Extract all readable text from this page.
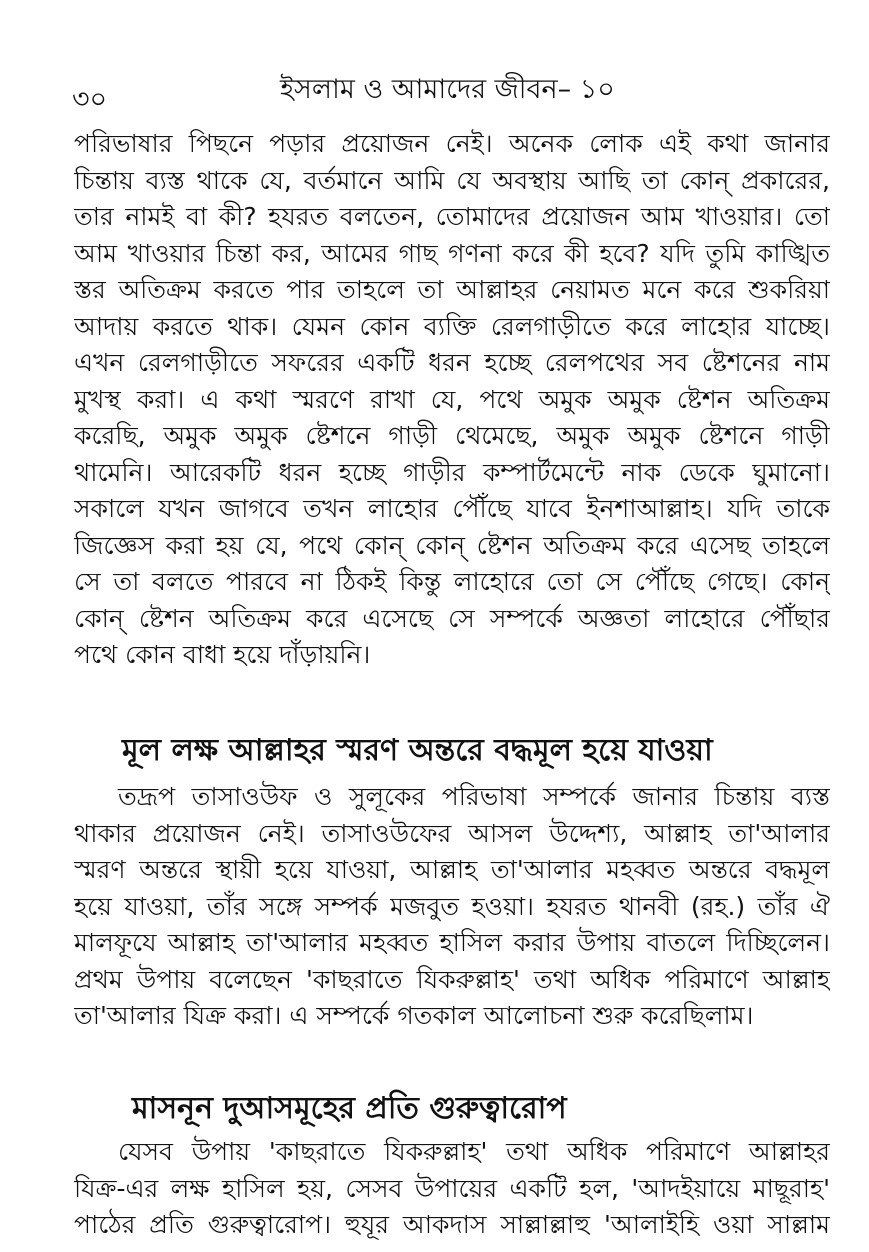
৩০	ইসলাম ও আমাদের জীবন– ১০
পরিভাষার পিছনে পড়ার প্রয়োজন নেই। অনেক লোক এই কথা জানার
চিন্তায় ব্যস্ত থাকে যে, বর্তমানে আমি যে অবস্থায় আছি তা কোন্ প্রকারের,
তার নামই বা কী? হযরত বলতেন, তোমাদের প্রয়োজন আম খাওয়ার। তো
আম খাওয়ার চিন্তা কর, আমের গাছ গণনা করে কী হবে? যদি তুমি কাঙ্খিত
স্তর অতিক্রম করতে পার তাহলে তা আল্লাহর নেয়ামত মনে করে শুকরিয়া
আদায় করতে থাক। যেমন কোন ব্যক্তি রেলগাড়ীতে করে লাহোর যাচ্ছে।
এখন রেলগাড়ীতে সফরের একটি ধরন হচ্ছে রেলপথের সব ষ্টেশনের নাম
মুখস্থ করা। এ কথা স্মরণে রাখা যে, পথে অমুক অমুক ষ্টেশন অতিক্রম
করেছি, অমুক অমুক ষ্টেশনে গাড়ী থেমেছে, অমুক অমুক ষ্টেশনে গাড়ী
থামেনি। আরেকটি ধরন হচ্ছে গাড়ীর কম্পার্টমেন্টে নাক ডেকে ঘুমানো।
সকালে যখন জাগবে তখন লাহোর পৌঁছে যাবে ইনশাআল্লাহ। যদি তাকে
জিজ্ঞেস করা হয় যে, পথে কোন্ কোন্ ষ্টেশন অতিক্রম করে এসেছ তাহলে
সে তা বলতে পারবে না ঠিকই কিন্তু লাহোরে তো সে পৌঁছে গেছে। কোন্
কোন্ ষ্টেশন অতিক্রম করে এসেছে সে সম্পর্কে অজ্ঞতা লাহোরে পৌঁছার
পথে কোন বাধা হয়ে দাঁড়ায়নি।
মূল লক্ষ আল্লাহর স্মরণ অন্তরে বদ্ধমূল হয়ে যাওয়া
তদ্রূপ তাসাওউফ ও সুলূকের পরিভাষা সম্পর্কে জানার চিন্তায় ব্যস্ত
থাকার প্রয়োজন নেই। তাসাওউফের আসল উদ্দেশ্য, আল্লাহ তা'আলার
স্মরণ অন্তরে স্থায়ী হয়ে যাওয়া, আল্লাহ তা'আলার মহব্বত অন্তরে বদ্ধমূল
হয়ে যাওয়া, তাঁর সঙ্গে সম্পর্ক মজবুত হওয়া। হযরত থানবী (রহ.) তাঁর ঐ
মালফূযে আল্লাহ তা'আলার মহব্বত হাসিল করার উপায় বাতলে দিচ্ছিলেন।
প্রথম উপায় বলেছেন 'কাছরাতে যিকরুল্লাহ' তথা অধিক পরিমাণে আল্লাহ
তা'আলার যিক্র করা। এ সম্পর্কে গতকাল আলোচনা শুরু করেছিলাম।
মাসনূন দুআসমূহের প্রতি গুরুত্বারোপ
যেসব উপায় 'কাছরাতে যিকরুল্লাহ' তথা অধিক পরিমাণে আল্লাহর
যিক্র-এর লক্ষ হাসিল হয়, সেসব উপায়ের একটি হল, 'আদইয়ায়ে মাছূরাহ'
পাঠের প্রতি গুরুত্বারোপ। হুযূর আকদাস সাল্লাল্লাহু 'আলাইহি ওয়া সাল্লাম
